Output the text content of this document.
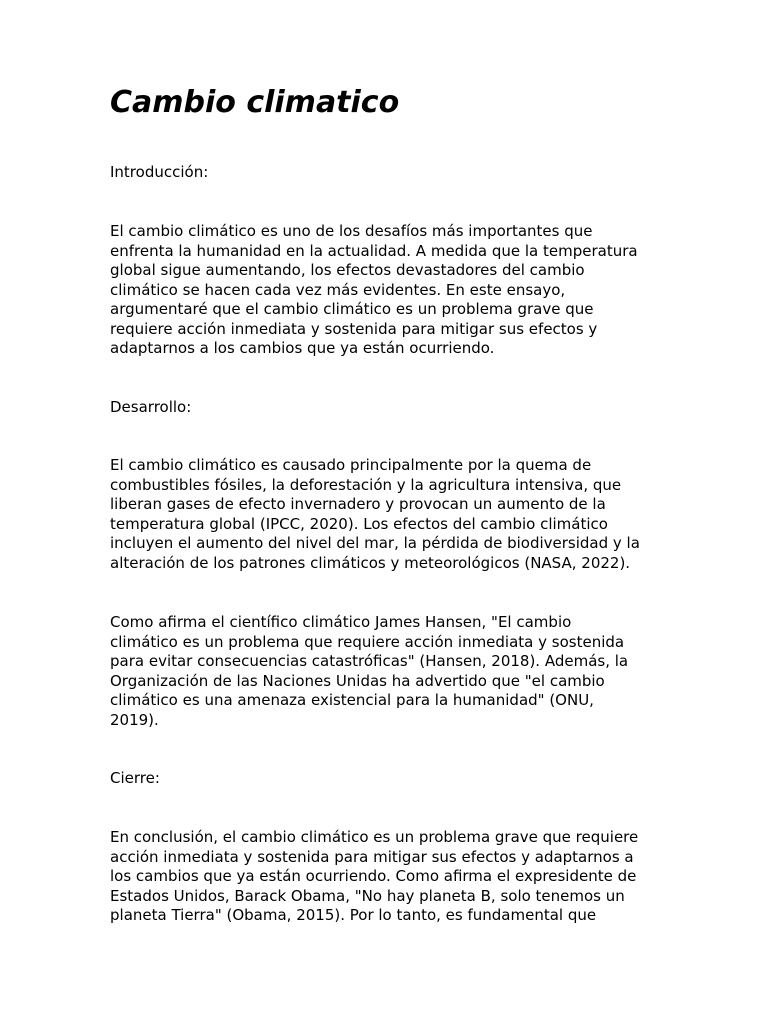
Cambio climatico

Introducción:

El cambio climático es uno de los desafíos más importantes que
enfrenta la humanidad en la actualidad. A medida que la temperatura
global sigue aumentando, los efectos devastadores del cambio
climático se hacen cada vez más evidentes. En este ensayo,
argumentaré que el cambio climático es un problema grave que
requiere acción inmediata y sostenida para mitigar sus efectos y
adaptarnos a los cambios que ya están ocurriendo.

Desarrollo:

El cambio climático es causado principalmente por la quema de
combustibles fósiles, la deforestación y la agricultura intensiva, que
liberan gases de efecto invernadero y provocan un aumento de la
temperatura global (IPCC, 2020). Los efectos del cambio climático
incluyen el aumento del nivel del mar, la pérdida de biodiversidad y la
alteración de los patrones climáticos y meteorológicos (NASA, 2022).

Como afirma el científico climático James Hansen, "El cambio
climático es un problema que requiere acción inmediata y sostenida
para evitar consecuencias catastróficas" (Hansen, 2018). Además, la
Organización de las Naciones Unidas ha advertido que "el cambio
climático es una amenaza existencial para la humanidad" (ONU,
2019).

Cierre:

En conclusión, el cambio climático es un problema grave que requiere
acción inmediata y sostenida para mitigar sus efectos y adaptarnos a
los cambios que ya están ocurriendo. Como afirma el expresidente de
Estados Unidos, Barack Obama, "No hay planeta B, solo tenemos un
planeta Tierra" (Obama, 2015). Por lo tanto, es fundamental que
